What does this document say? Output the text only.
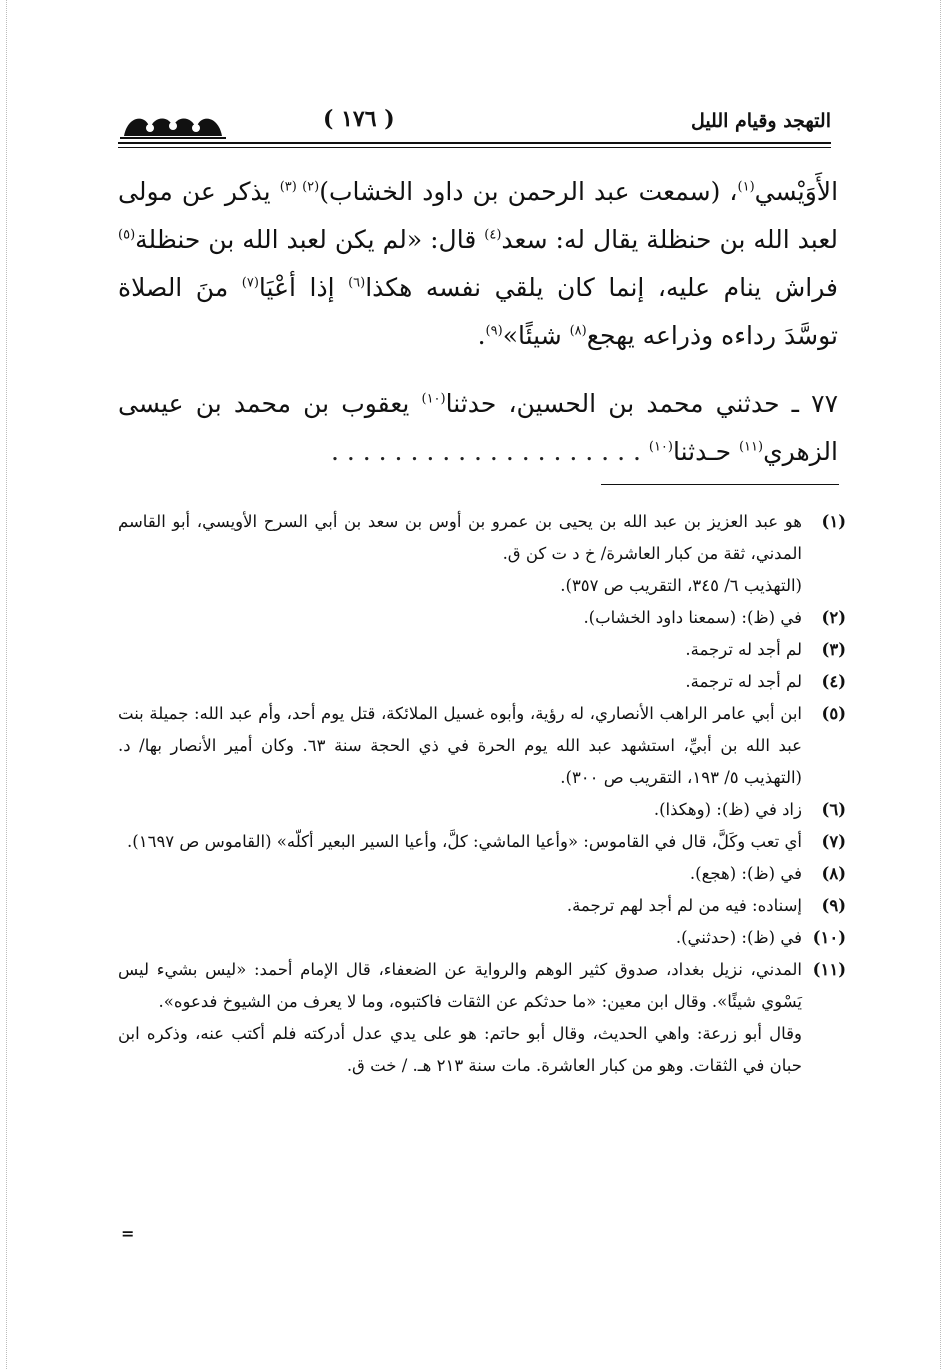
التهجد وقيام الليل
( ١٧٦ )

الأَوَيْسي$^{(١)}$، (سمعت عبد الرحمن بن داود الخشاب)$^{(٢) (٣)}$ يذكر عن مولى لعبد الله بن حنظلة يقال له: سعد$^{(٤)}$ قال: «لم يكن لعبد الله بن حنظلة$^{(٥)}$ فراش ينام عليه، إنما كان يلقي نفسه هكذا$^{(٦)}$ إذا أعْيَا$^{(٧)}$ منَ الصلاة توسَّدَ رداءه وذراعه يهجع$^{(٨)}$ شيئًا»$^{(٩)}$.

٧٧ ـ حدثني محمد بن الحسين، حدثنا$^{(١٠)}$ يعقوب بن محمد بن عيسى الزهري$^{(١١)}$ حـدثنا$^{(١٠)}$ . . . . . . . . . . . . . . . . . . . .

(١)

هو عبد العزيز بن عبد الله بن يحيى بن عمرو بن أوس بن سعد بن أبي السرح الأويسي، أبو القاسم المدني، ثقة من كبار العاشرة/ خ د ت كن ق.

(التهذيب ٦/ ٣٤٥، التقريب ص ٣٥٧).

(٢)

في (ظ): (سمعنا داود الخشاب).

(٣)

لم أجد له ترجمة.

(٤)

لم أجد له ترجمة.

(٥)

ابن أبي عامر الراهب الأنصاري، له رؤية، وأبوه غسيل الملائكة، قتل يوم أحد، وأم عبد الله: جميلة بنت عبد الله بن أبيِّ، استشهد عبد الله يوم الحرة في ذي الحجة سنة ٦٣. وكان أمير الأنصار بها/ د. (التهذيب ٥/ ١٩٣، التقريب ص ٣٠٠).

(٦)

زاد في (ظ): (وهكذا).

(٧)

أي تعب وكَلَّ، قال في القاموس: «وأعيا الماشي: كلَّ، وأعيا السير البعير أكلّه» (القاموس ص ١٦٩٧).

(٨)

في (ظ): (هجع).

(٩)

إسناده: فيه من لم أجد لهم ترجمة.

(١٠)

في (ظ): (حدثني).

(١١)

المدني، نزيل بغداد، صدوق كثير الوهم والرواية عن الضعفاء، قال الإمام أحمد: «ليس بشيء ليس يَسْوي شيئًا». وقال ابن معين: «ما حدثكم عن الثقات فاكتبوه، وما لا يعرف من الشيوخ فدعوه».

وقال أبو زرعة: واهي الحديث، وقال أبو حاتم: هو على يدي عدل أدركته فلم أكتب عنه، وذكره ابن حبان في الثقات. وهو من كبار العاشرة. مات سنة ٢١٣ هـ. / خت ق.

=
